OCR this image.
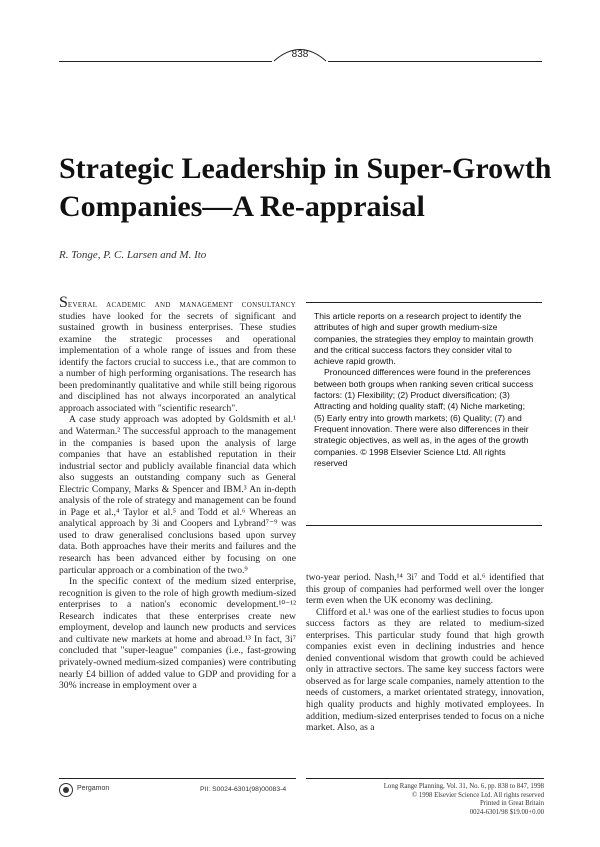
838
Strategic Leadership in Super-Growth
Companies—A Re-appraisal
R. Tonge, P. C. Larsen and M. Ito

Several academic and management consultancy studies have looked for the secrets of significant and sustained growth in business enterprises. These studies examine the strategic processes and operational implementation of a whole range of issues and from these identify the factors crucial to success i.e., that are common to a number of high performing organisations. The research has been predominantly qualitative and while still being rigorous and disciplined has not always incorporated an analytical approach associated with "scientific research".

A case study approach was adopted by Goldsmith et al.¹ and Waterman.² The successful approach to the management in the companies is based upon the analysis of large companies that have an established reputation in their industrial sector and publicly available financial data which also suggests an outstanding company such as General Electric Company, Marks & Spencer and IBM.³ An in-depth analysis of the role of strategy and management can be found in Page et al.,⁴ Taylor et al.⁵ and Todd et al.⁶ Whereas an analytical approach by 3i and Coopers and Lybrand⁷⁻⁹ was used to draw generalised conclusions based upon survey data. Both approaches have their merits and failures and the research has been advanced either by focusing on one particular approach or a combination of the two.⁹

In the specific context of the medium sized enterprise, recognition is given to the role of high growth medium-sized enterprises to a nation's economic development.¹⁰⁻¹² Research indicates that these enterprises create new employment, develop and launch new products and services and cultivate new markets at home and abroad.¹³ In fact, 3i⁷ concluded that "super-league" companies (i.e., fast-growing privately-owned medium-sized companies) were contributing nearly £4 billion of added value to GDP and providing for a 30% increase in employment over a

This article reports on a research project to identify the attributes of high and super growth medium-size companies, the strategies they employ to maintain growth and the critical success factors they consider vital to achieve rapid growth.

Pronounced differences were found in the preferences between both groups when ranking seven critical success factors: (1) Flexibility; (2) Product diversification; (3) Attracting and holding quality staff; (4) Niche marketing; (5) Early entry into growth markets; (6) Quality; (7) and Frequent innovation. There were also differences in their strategic objectives, as well as, in the ages of the growth companies. © 1998 Elsevier Science Ltd. All rights reserved

two-year period. Nash,¹⁴ 3i⁷ and Todd et al.⁶ identified that this group of companies had performed well over the longer term even when the UK economy was declining.

Clifford et al.¹ was one of the earliest studies to focus upon success factors as they are related to medium-sized enterprises. This particular study found that high growth companies exist even in declining industries and hence denied conventional wisdom that growth could be achieved only in attractive sectors. The same key success factors were observed as for large scale companies, namely attention to the needs of customers, a market orientated strategy, innovation, high quality products and highly motivated employees. In addition, medium-sized enterprises tended to focus on a niche market. Also, as a

Pergamon	PII: S0024-6301(98)00083-4	Long Range Planning, Vol. 31, No. 6, pp. 838 to 847, 1998
© 1998 Elsevier Science Ltd. All rights reserved
Printed in Great Britain
0024-6301/98 $19.00+0.00
